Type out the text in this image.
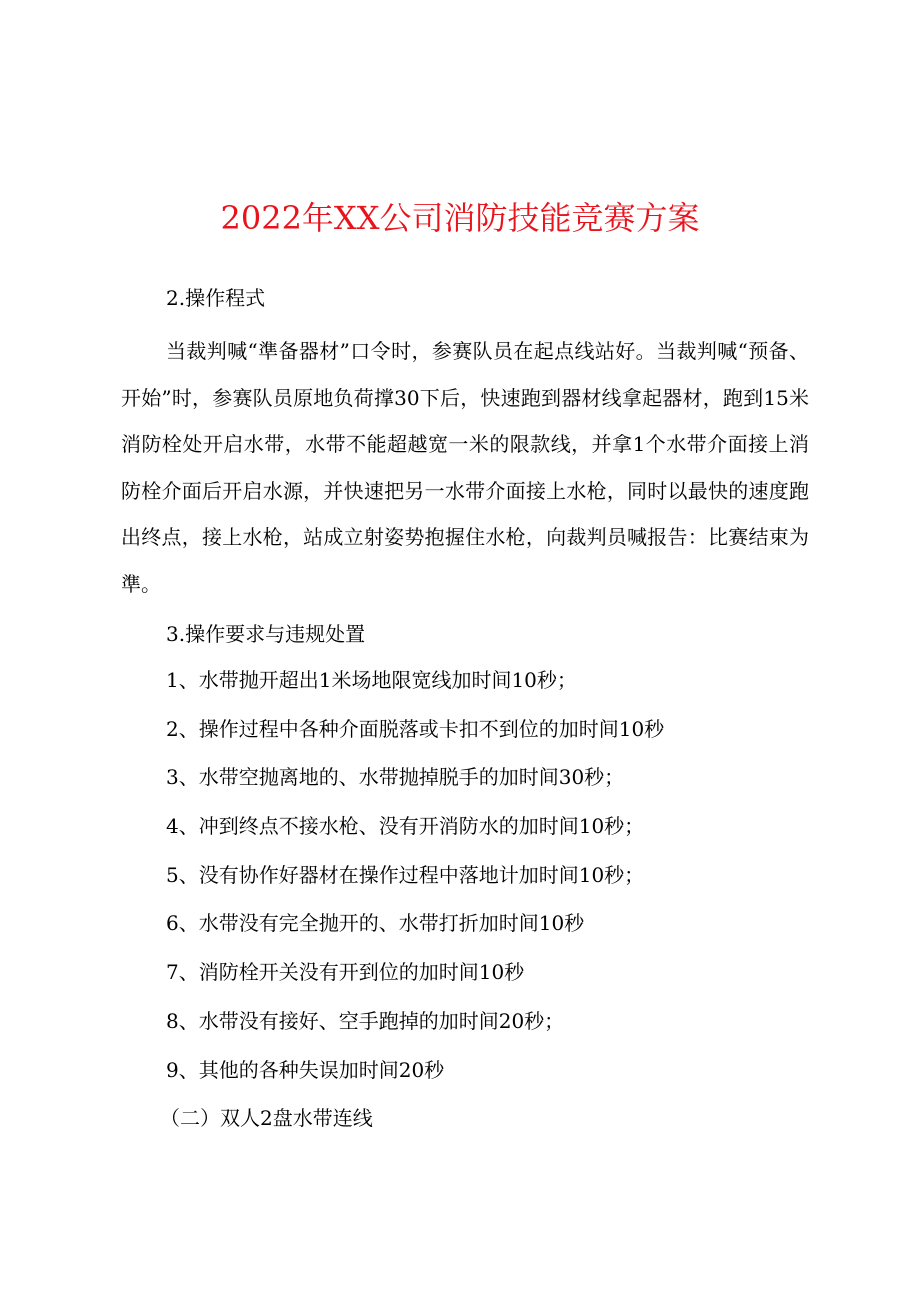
2022年XX公司消防技能竞赛方案
2.操作程式

当裁判喊“準备器材”口令时，参赛队员在起点线站好。当裁判喊“预备、开始”时，参赛队员原地负荷撑30下后，快速跑到器材线拿起器材，跑到15米消防栓处开启水带，水带不能超越宽一米的限款线，并拿1个水带介面接上消防栓介面后开启水源，并快速把另一水带介面接上水枪，同时以最快的速度跑出终点，接上水枪，站成立射姿势抱握住水枪，向裁判员喊报告：比赛结束为準。

3.操作要求与违规处置
1、水带抛开超出1米场地限宽线加时间10秒；
2、操作过程中各种介面脱落或卡扣不到位的加时间10秒
3、水带空抛离地的、水带抛掉脱手的加时间30秒；
4、冲到终点不接水枪、没有开消防水的加时间10秒；
5、没有协作好器材在操作过程中落地计加时间10秒；
6、水带没有完全抛开的、水带打折加时间10秒
7、消防栓开关没有开到位的加时间10秒
8、水带没有接好、空手跑掉的加时间20秒；
9、其他的各种失误加时间20秒
（二）双人2盘水带连线
